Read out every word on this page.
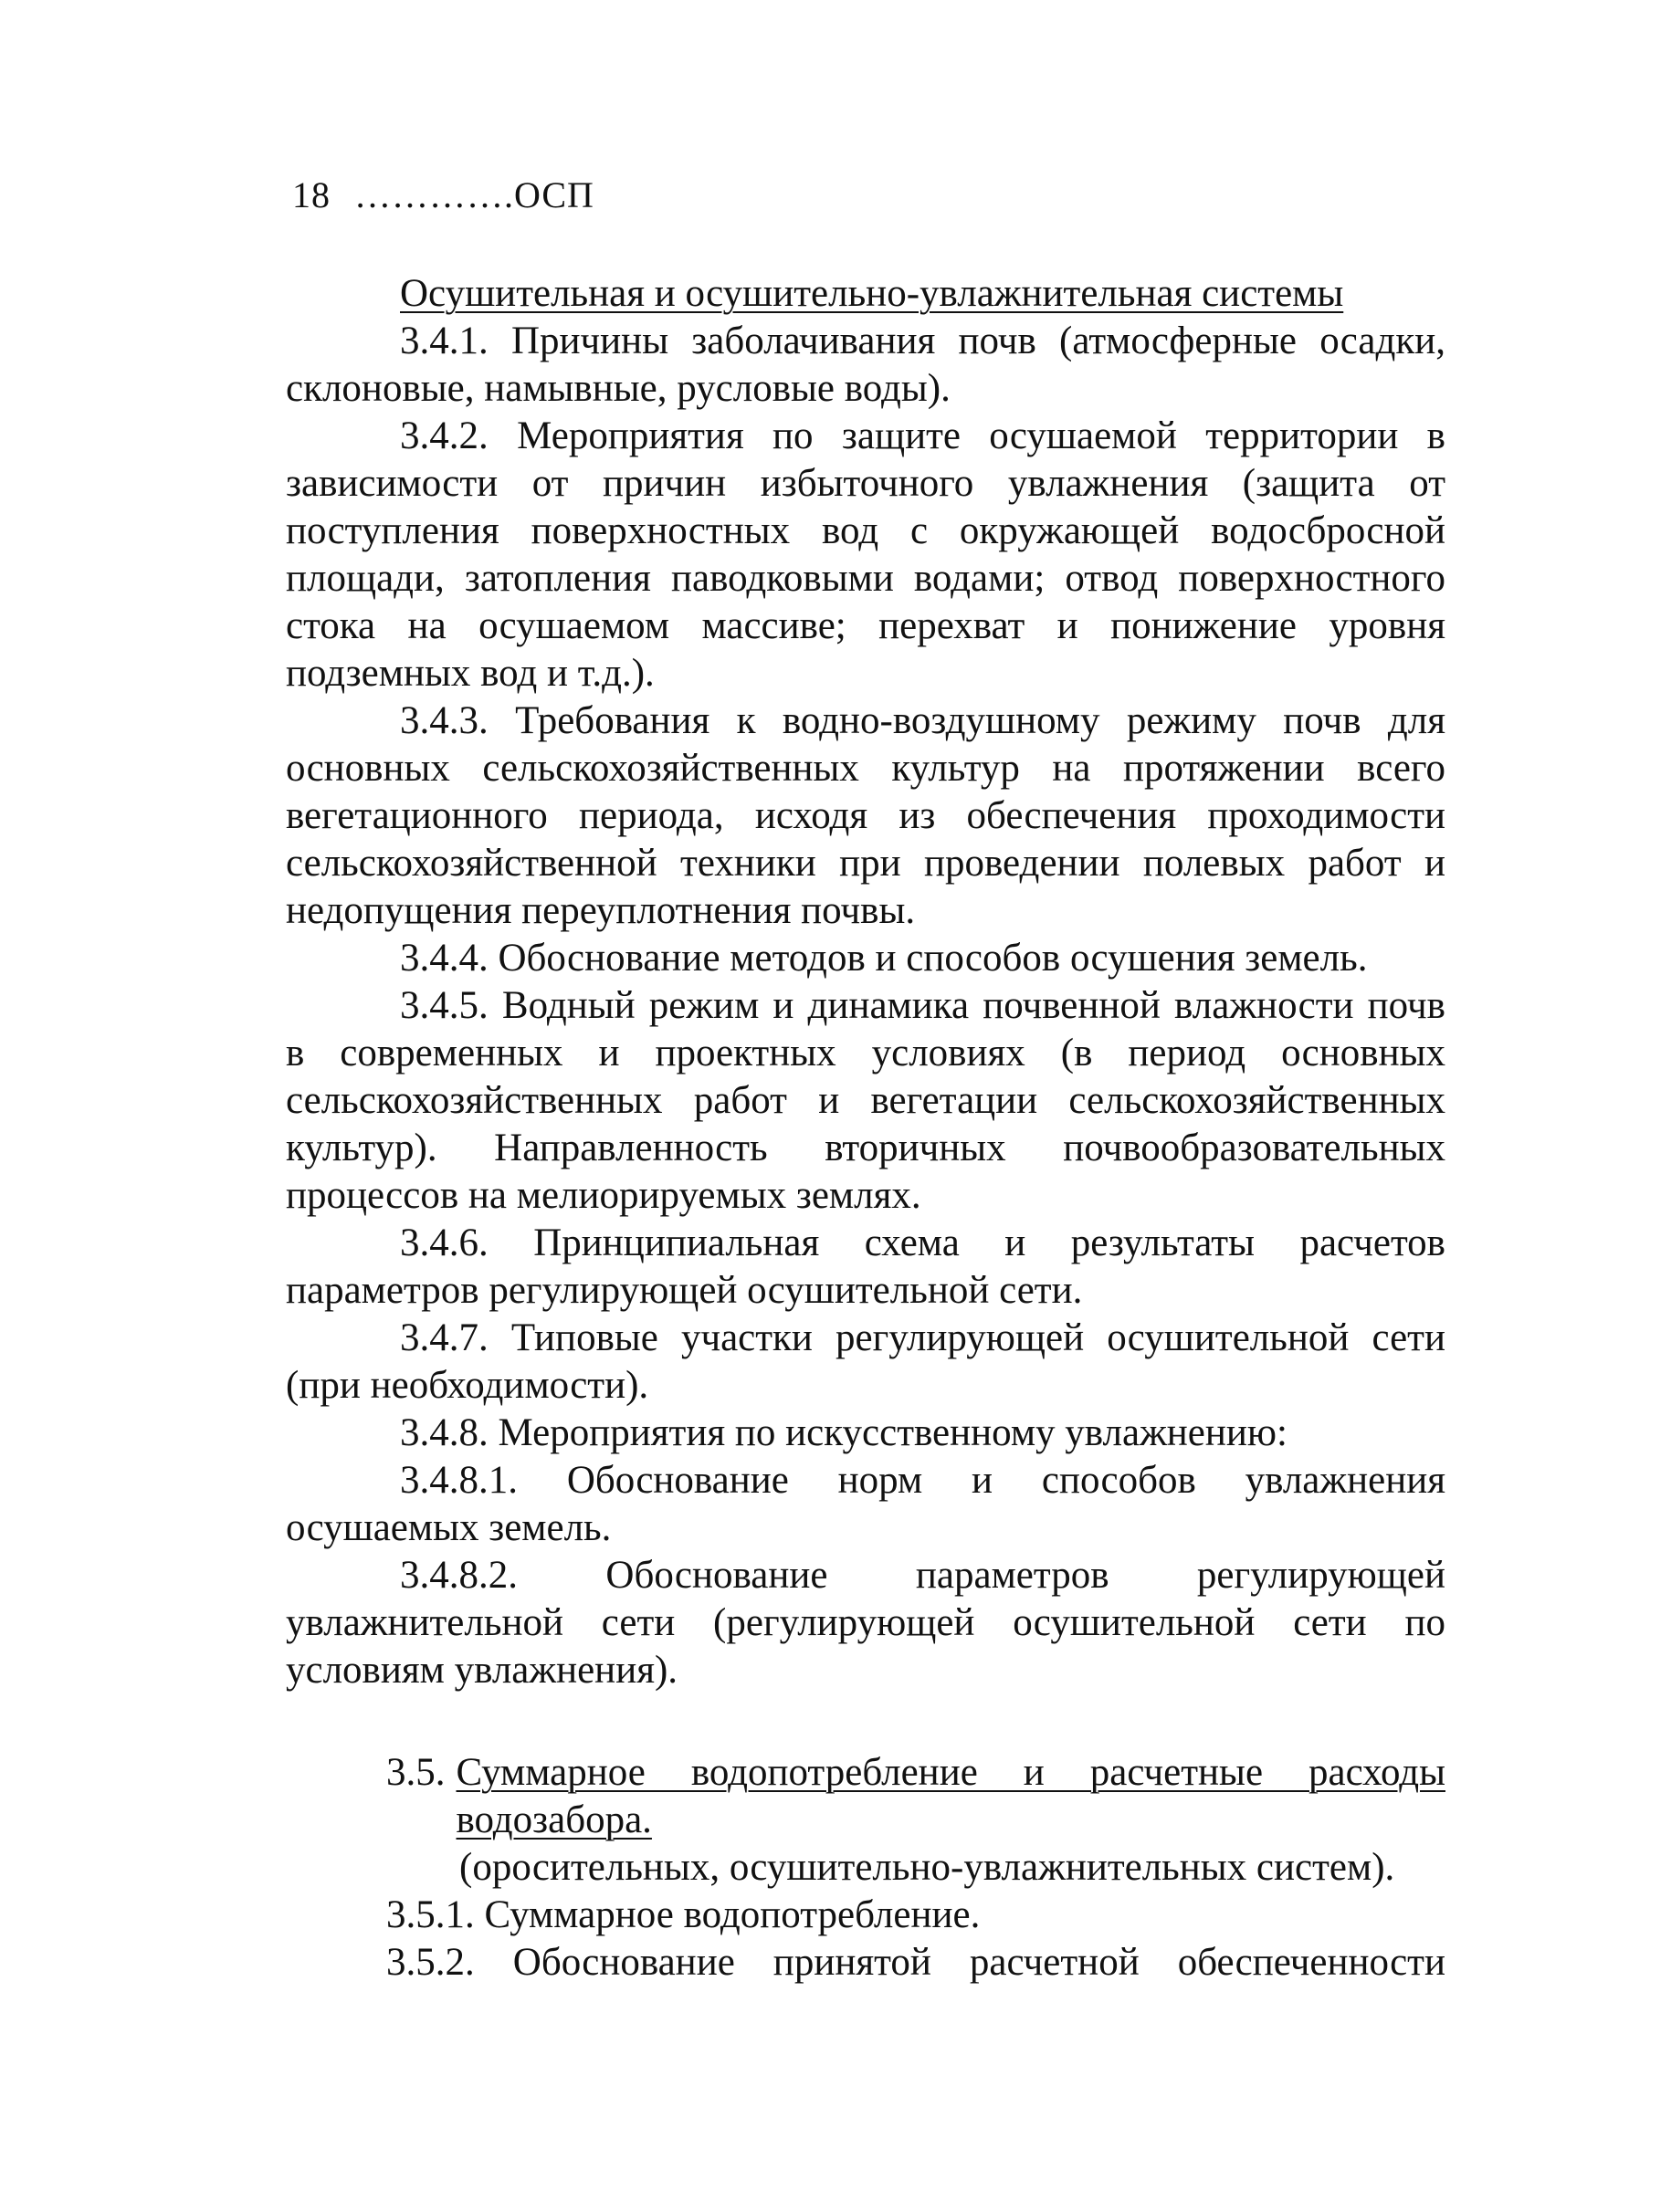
18 ………….ОСП

Осушительная и осушительно-увлажнительная системы

3.4.1. Причины заболачивания почв (атмосферные осадки, склоновые, намывные, русловые воды).

3.4.2. Мероприятия по защите осушаемой территории в зависимости от причин избыточного увлажнения (защита от поступления поверхностных вод с окружающей водосбросной площади, затопления паводковыми водами; отвод поверхностного стока на осушаемом массиве; перехват и понижение уровня подземных вод и т.д.).

3.4.3. Требования к водно-воздушному режиму почв для основных сельскохозяйственных культур на протяжении всего вегетационного периода, исходя из обеспечения проходимости сельскохозяйственной техники при проведении полевых работ и недопущения переуплотнения почвы.

3.4.4. Обоснование методов и способов осушения земель.

3.4.5. Водный режим и динамика почвенной влажности почв в современных и проектных условиях (в период основных сельскохозяйственных работ и вегетации сельскохозяйственных культур). Направленность вторичных почвообразовательных процессов на мелиорируемых землях.

3.4.6. Принципиальная схема и результаты расчетов параметров регулирующей осушительной сети.

3.4.7. Типовые участки регулирующей осушительной сети (при необходимости).

3.4.8. Мероприятия по искусственному увлажнению:

3.4.8.1. Обоснование норм и способов увлажнения осушаемых земель.

3.4.8.2. Обоснование параметров регулирующей увлажнительной сети (регулирующей осушительной сети по условиям увлажнения).

3.5. Суммарное водопотребление и расчетные расходы водозабора.

(оросительных, осушительно-увлажнительных систем).

3.5.1. Суммарное водопотребление.

3.5.2. Обоснование принятой расчетной обеспеченности
